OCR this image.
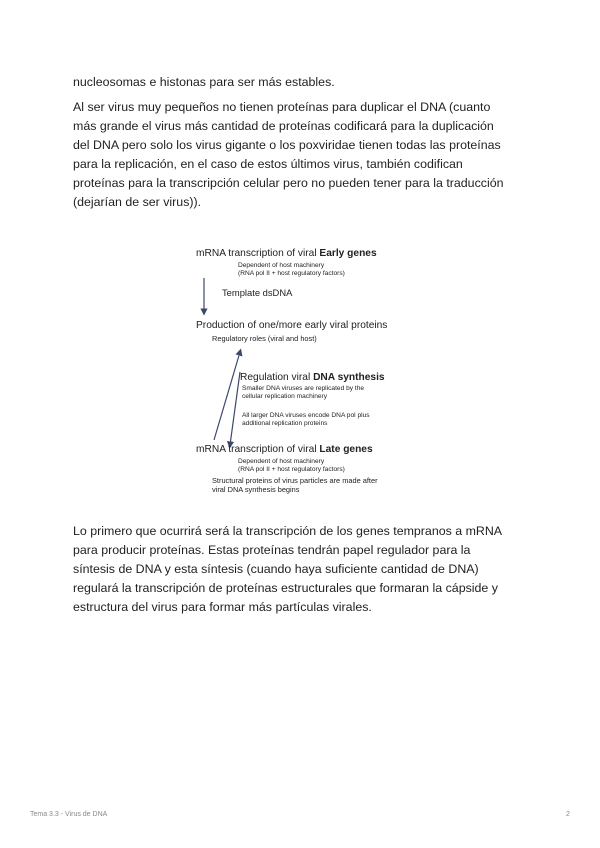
nucleosomas e histonas para ser más estables.
Al ser virus muy pequeños no tienen proteínas para duplicar el DNA (cuanto
más grande el virus más cantidad de proteínas codificará para la duplicación
del DNA pero solo los virus gigante o los poxviridae tienen todas las proteínas
para la replicación, en el caso de estos últimos virus, también codifican
proteínas para la transcripción celular pero no pueden tener para la traducción
(dejarían de ser virus)).
mRNA transcription of viral Early genes
Dependent of host machinery
(RNA pol II + host regulatory factors)
Template dsDNA
Production of one/more early viral proteins
Regulatory roles (viral and host)
Regulation viral DNA synthesis
Smaller DNA viruses are replicated by the
cellular replication machinery
All larger DNA viruses encode DNA pol plus
additional replication proteins
mRNA transcription of viral Late genes
Dependent of host machinery
(RNA pol II + host regulatory factors)
Structural proteins of virus particles are made after
viral DNA synthesis begins
Lo primero que ocurrirá será la transcripción de los genes tempranos a mRNA
para producir proteínas. Estas proteínas tendrán papel regulador para la
síntesis de DNA y esta síntesis (cuando haya suficiente cantidad de DNA)
regulará la transcripción de proteínas estructurales que formaran la cápside y
estructura del virus para formar más partículas virales.
Tema 3.3 - Virus de DNA	2
